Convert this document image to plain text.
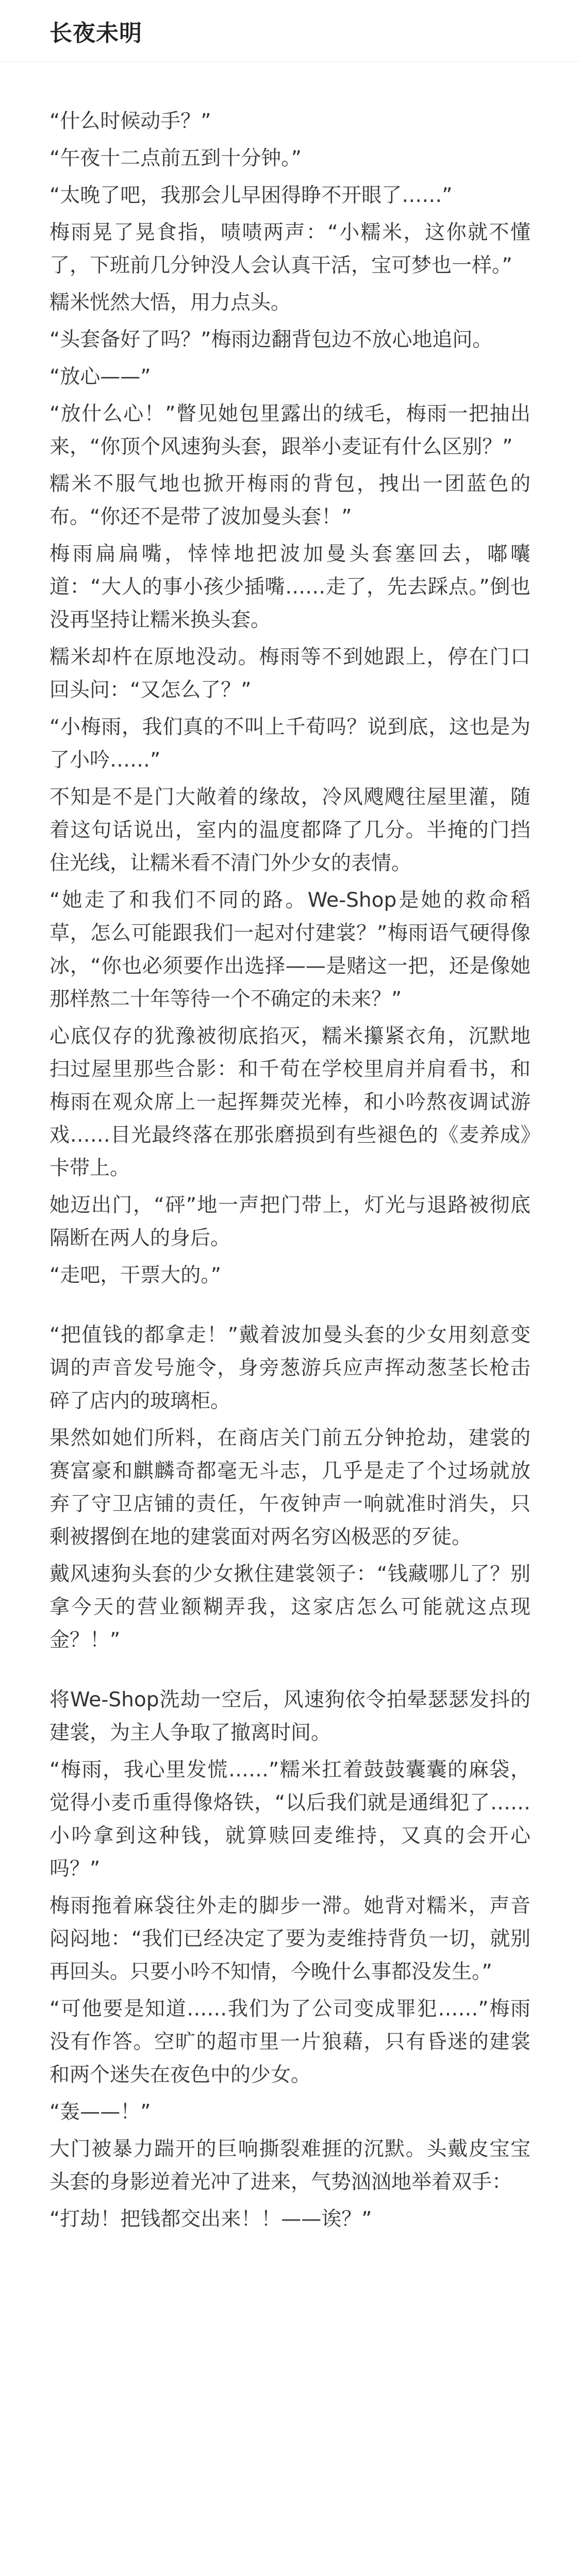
长夜未明

“什么时候动手？”

“午夜十二点前五到十分钟。”

“太晚了吧，我那会儿早困得睁不开眼了……”

梅雨晃了晃食指，啧啧两声：“小糯米，这你就不懂了，下班前几分钟没人会认真干活，宝可梦也一样。”

糯米恍然大悟，用力点头。

“头套备好了吗？”梅雨边翻背包边不放心地追问。

“放心——”

“放什么心！”瞥见她包里露出的绒毛，梅雨一把抽出来，“你顶个风速狗头套，跟举小麦证有什么区别？”

糯米不服气地也掀开梅雨的背包，拽出一团蓝色的布。“你还不是带了波加曼头套！”

梅雨扁扁嘴，悻悻地把波加曼头套塞回去，嘟囔道：“大人的事小孩少插嘴……走了，先去踩点。”倒也没再坚持让糯米换头套。

糯米却杵在原地没动。梅雨等不到她跟上，停在门口回头问：“又怎么了？”

“小梅雨，我们真的不叫上千荀吗？说到底，这也是为了小吟……”

不知是不是门大敞着的缘故，冷风飕飕往屋里灌，随着这句话说出，室内的温度都降了几分。半掩的门挡住光线，让糯米看不清门外少女的表情。

“她走了和我们不同的路。We-Shop是她的救命稻草，怎么可能跟我们一起对付建裳？”梅雨语气硬得像冰，“你也必须要作出选择——是赌这一把，还是像她那样熬二十年等待一个不确定的未来？”

心底仅存的犹豫被彻底掐灭，糯米攥紧衣角，沉默地扫过屋里那些合影：和千荀在学校里肩并肩看书，和梅雨在观众席上一起挥舞荧光棒，和小吟熬夜调试游戏……目光最终落在那张磨损到有些褪色的《麦养成》卡带上。

她迈出门，“砰”地一声把门带上，灯光与退路被彻底隔断在两人的身后。

“走吧，干票大的。”

“把值钱的都拿走！”戴着波加曼头套的少女用刻意变调的声音发号施令，身旁葱游兵应声挥动葱茎长枪击碎了店内的玻璃柜。

果然如她们所料，在商店关门前五分钟抢劫，建裳的赛富豪和麒麟奇都毫无斗志，几乎是走了个过场就放弃了守卫店铺的责任，午夜钟声一响就准时消失，只剩被撂倒在地的建裳面对两名穷凶极恶的歹徒。

戴风速狗头套的少女揪住建裳领子：“钱藏哪儿了？别拿今天的营业额糊弄我，这家店怎么可能就这点现金？！”

将We-Shop洗劫一空后，风速狗依令拍晕瑟瑟发抖的建裳，为主人争取了撤离时间。

“梅雨，我心里发慌……”糯米扛着鼓鼓囊囊的麻袋，觉得小麦币重得像烙铁，“以后我们就是通缉犯了……小吟拿到这种钱，就算赎回麦维持，又真的会开心吗？”

梅雨拖着麻袋往外走的脚步一滞。她背对糯米，声音闷闷地：“我们已经决定了要为麦维持背负一切，就别再回头。只要小吟不知情，今晚什么事都没发生。”

“可他要是知道……我们为了公司变成罪犯……”梅雨没有作答。空旷的超市里一片狼藉，只有昏迷的建裳和两个迷失在夜色中的少女。

“轰——！”

大门被暴力踹开的巨响撕裂难捱的沉默。头戴皮宝宝头套的身影逆着光冲了进来，气势汹汹地举着双手：

“打劫！把钱都交出来！！——诶？”
